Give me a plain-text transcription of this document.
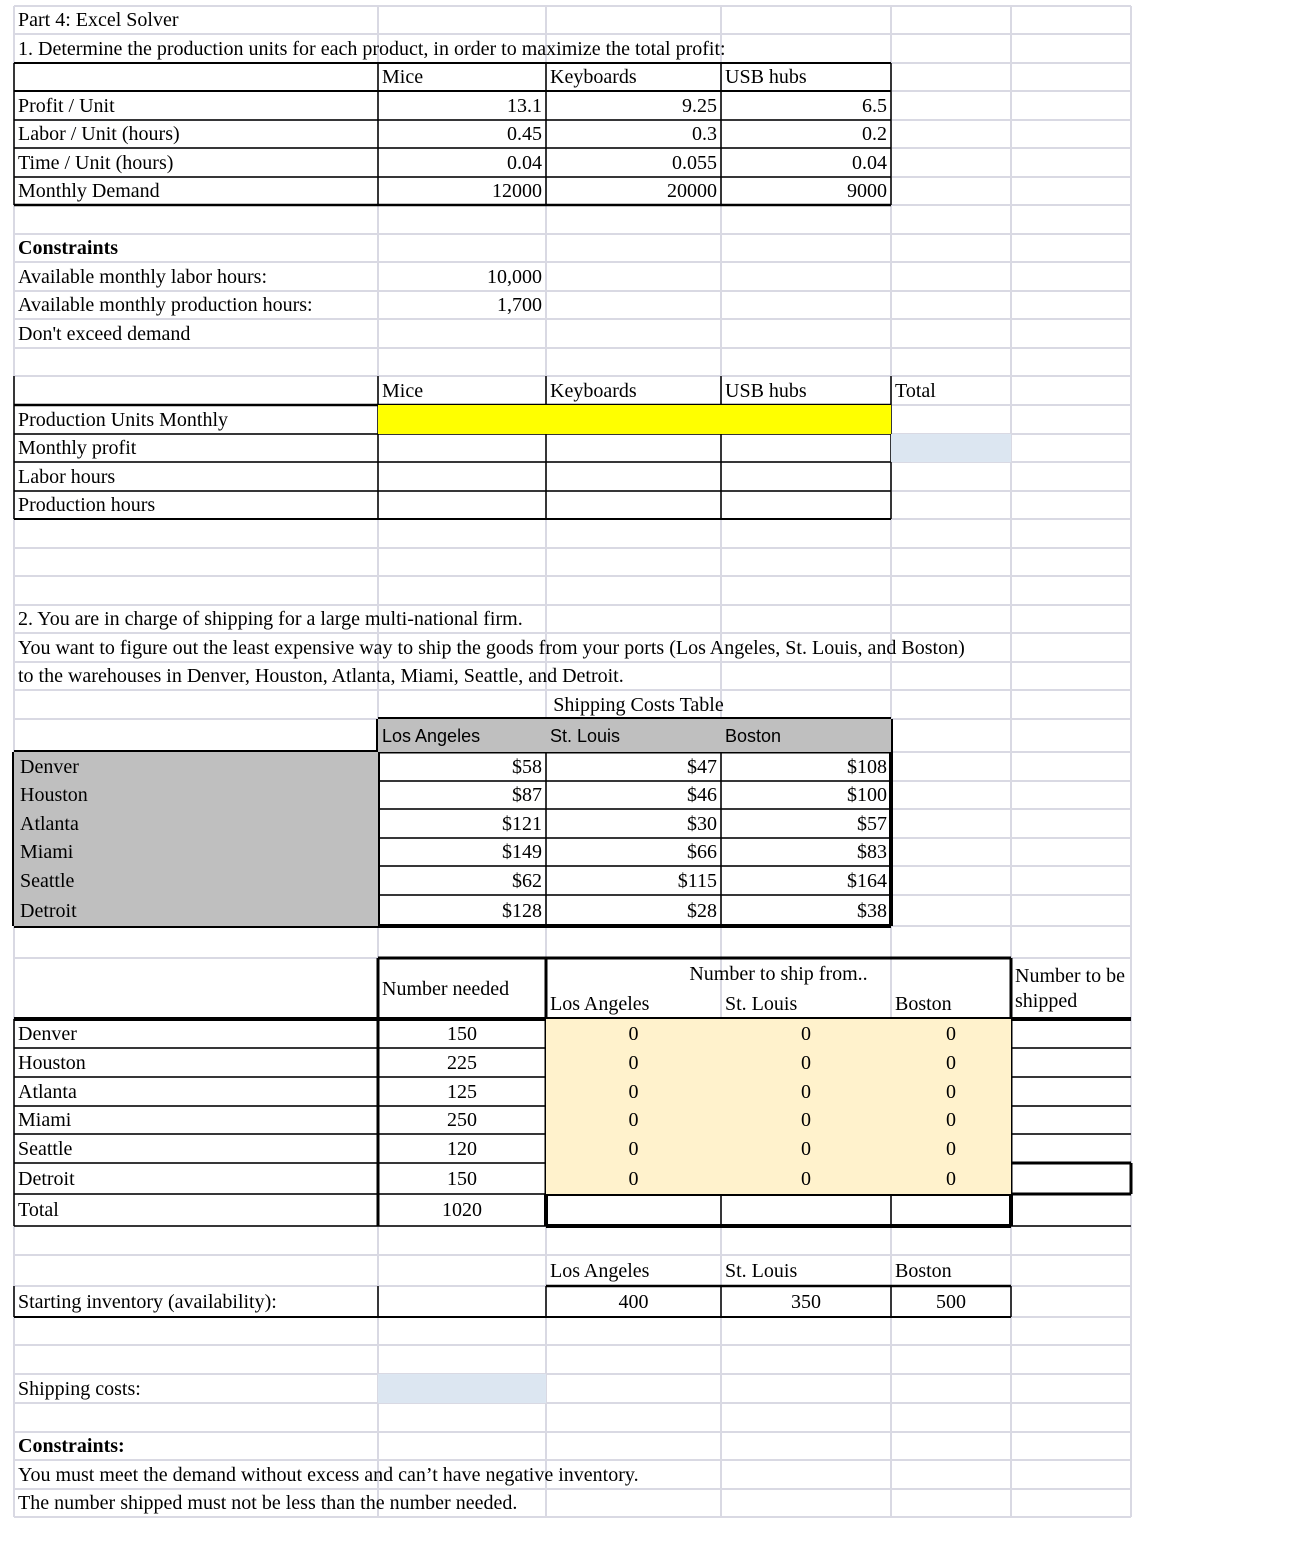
Part 4: Excel Solver
1. Determine the production units for each product, in order to maximize the total profit:
Mice	Keyboards	USB hubs
Profit / Unit	13.1	9.25	6.5
Labor / Unit (hours)	0.45	0.3	0.2
Time / Unit (hours)	0.04	0.055	0.04
Monthly Demand	12000	20000	9000
Constraints
Available monthly labor hours:	10,000
Available monthly production hours:	1,700
Don't exceed demand
Mice	Keyboards	USB hubs	Total
Production Units Monthly
Monthly profit
Labor hours
Production hours
2. You are in charge of shipping for a large multi-national firm.
You want to figure out the least expensive way to ship the goods from your ports (Los Angeles, St. Louis, and Boston)
to the warehouses in Denver, Houston, Atlanta, Miami, Seattle, and Detroit.
Shipping Costs Table
Los Angeles	St. Louis	Boston
Denver	$58	$47	$108
Houston	$87	$46	$100
Atlanta	$121	$30	$57
Miami	$149	$66	$83
Seattle	$62	$115	$164
Detroit	$128	$28	$38
Number needed
Number to ship from..
Los Angeles	St. Louis	Boston
Number to be shipped
Denver	150	0	0	0
Houston	225	0	0	0
Atlanta	125	0	0	0
Miami	250	0	0	0
Seattle	120	0	0	0
Detroit	150	0	0	0
Total	1020
Los Angeles	St. Louis	Boston
Starting inventory (availability):	400	350	500
Shipping costs:
Constraints:
You must meet the demand without excess and can’t have negative inventory.
The number shipped must not be less than the number needed.
